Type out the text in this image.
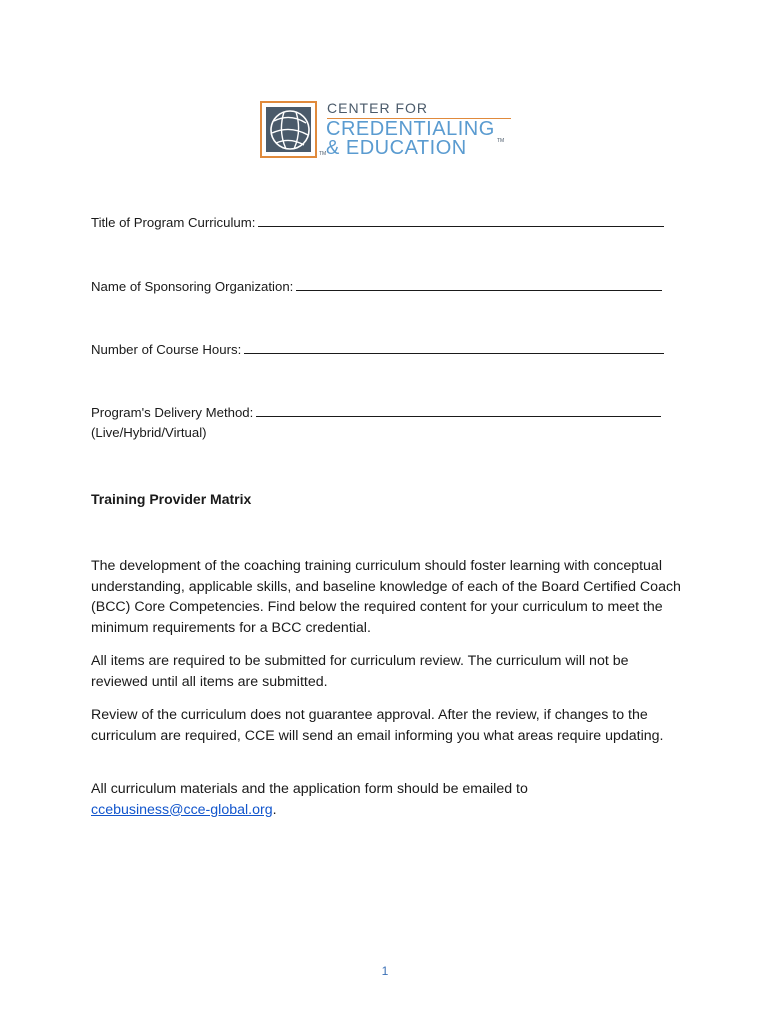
TM
CENTER FOR
CREDENTIALING
& EDUCATION	TM
Title of Program Curriculum:
Name of Sponsoring Organization:
Number of Course Hours:
Program's Delivery Method:
(Live/Hybrid/Virtual)
Training Provider Matrix

The development of the coaching training curriculum should foster learning with conceptual understanding, applicable skills, and baseline knowledge of each of the Board Certified Coach (BCC) Core Competencies. Find below the required content for your curriculum to meet the minimum requirements for a BCC credential.

All items are required to be submitted for curriculum review. The curriculum will not be reviewed until all items are submitted.

Review of the curriculum does not guarantee approval. After the review, if changes to the curriculum are required, CCE will send an email informing you what areas require updating.

All curriculum materials and the application form should be emailed to
ccebusiness@cce-global.org.

1
